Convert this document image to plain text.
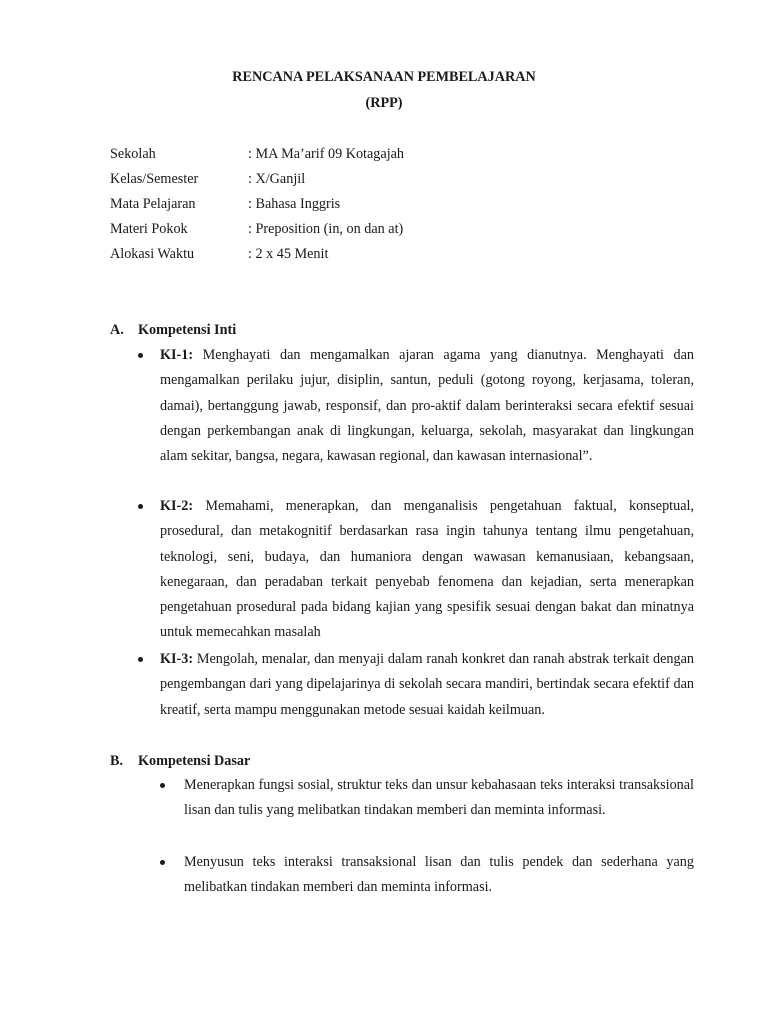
RENCANA PELAKSANAAN PEMBELAJARAN
(RPP)
Sekolah	: MA Ma’arif 09 Kotagajah
Kelas/Semester	: X/Ganjil
Mata Pelajaran	: Bahasa Inggris
Materi Pokok	: Preposition (in, on dan at)
Alokasi Waktu	: 2 x 45 Menit
A. Kompetensi Inti
KI-1: Menghayati dan mengamalkan ajaran agama yang dianutnya. Menghayati dan mengamalkan perilaku jujur, disiplin, santun, peduli (gotong royong, kerjasama, toleran, damai), bertanggung jawab, responsif, dan pro-aktif dalam berinteraksi secara efektif sesuai dengan perkembangan anak di lingkungan, keluarga, sekolah, masyarakat dan lingkungan alam sekitar, bangsa, negara, kawasan regional, dan kawasan internasional”.
KI-2: Memahami, menerapkan, dan menganalisis pengetahuan faktual, konseptual, prosedural, dan metakognitif berdasarkan rasa ingin tahunya tentang ilmu pengetahuan, teknologi, seni, budaya, dan humaniora dengan wawasan kemanusiaan, kebangsaan, kenegaraan, dan peradaban terkait penyebab fenomena dan kejadian, serta menerapkan pengetahuan prosedural pada bidang kajian yang spesifik sesuai dengan bakat dan minatnya untuk memecahkan masalah
KI-3: Mengolah, menalar, dan menyaji dalam ranah konkret dan ranah abstrak terkait dengan pengembangan dari yang dipelajarinya di sekolah secara mandiri, bertindak secara efektif dan kreatif, serta mampu menggunakan metode sesuai kaidah keilmuan.
B. Kompetensi Dasar
Menerapkan fungsi sosial, struktur teks dan unsur kebahasaan teks interaksi transaksional lisan dan tulis yang melibatkan tindakan memberi dan meminta informasi.
Menyusun teks interaksi transaksional lisan dan tulis pendek dan sederhana yang melibatkan tindakan memberi dan meminta informasi.
